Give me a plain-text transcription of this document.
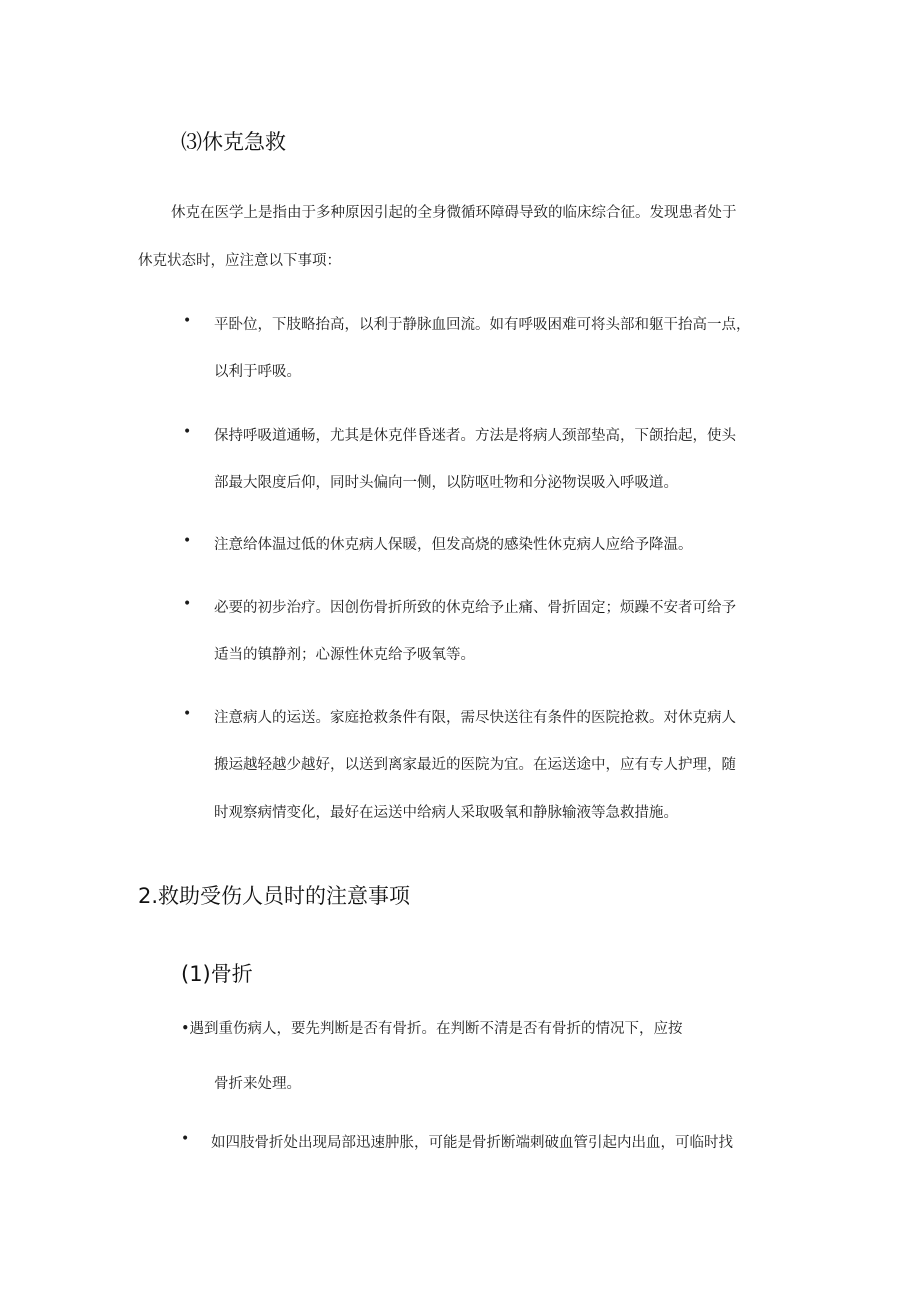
⑶休克急救

休克在医学上是指由于多种原因引起的全身微循环障碍导致的临床综合征。发现患者处于

休克状态时，应注意以下事项：

• 平卧位，下肢略抬高，以利于静脉血回流。如有呼吸困难可将头部和躯干抬高一点，

以利于呼吸。

• 保持呼吸道通畅，尤其是休克伴昏迷者。方法是将病人颈部垫高，下颌抬起，使头

部最大限度后仰，同时头偏向一侧，以防呕吐物和分泌物误吸入呼吸道。

• 注意给体温过低的休克病人保暖，但发高烧的感染性休克病人应给予降温。

• 必要的初步治疗。因创伤骨折所致的休克给予止痛、骨折固定；烦躁不安者可给予

适当的镇静剂；心源性休克给予吸氧等。

• 注意病人的运送。家庭抢救条件有限，需尽快送往有条件的医院抢救。对休克病人

搬运越轻越少越好，以送到离家最近的医院为宜。在运送途中，应有专人护理，随

时观察病情变化，最好在运送中给病人采取吸氧和静脉输液等急救措施。

2.救助受伤人员时的注意事项
(1)骨折

•遇到重伤病人，要先判断是否有骨折。在判断不清是否有骨折的情况下，应按

骨折来处理。

• 如四肢骨折处出现局部迅速肿胀，可能是骨折断端刺破血管引起内出血，可临时找
